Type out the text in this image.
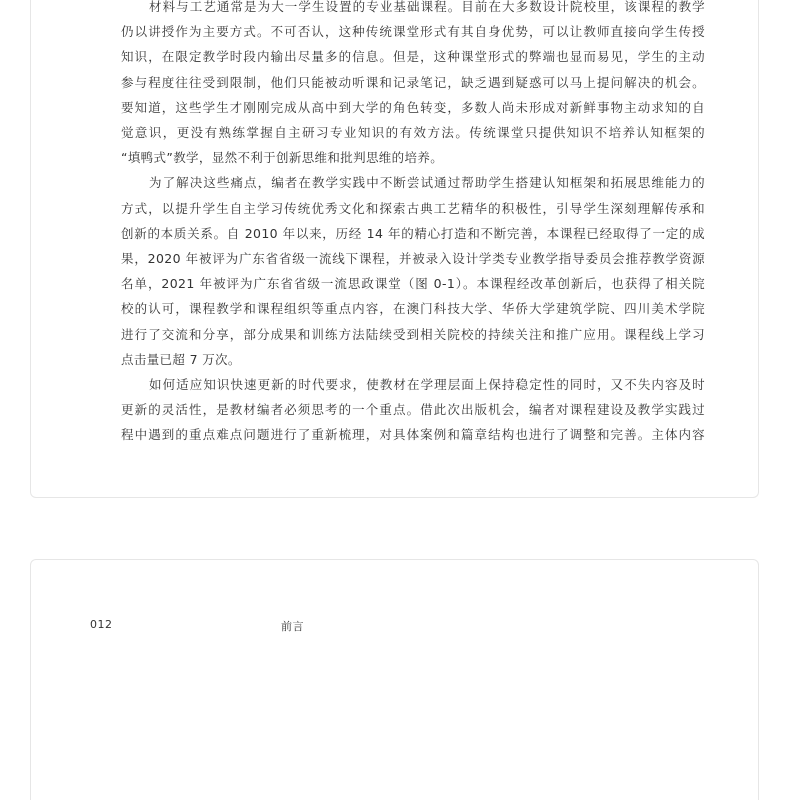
材料与工艺通常是为大一学生设置的专业基础课程。目前在大多数设计院校里，该课程的教学

仍以讲授作为主要方式。不可否认，这种传统课堂形式有其自身优势，可以让教师直接向学生传授

知识，在限定教学时段内输出尽量多的信息。但是，这种课堂形式的弊端也显而易见，学生的主动

参与程度往往受到限制，他们只能被动听课和记录笔记，缺乏遇到疑惑可以马上提问解决的机会。

要知道，这些学生才刚刚完成从高中到大学的角色转变，多数人尚未形成对新鲜事物主动求知的自

觉意识，更没有熟练掌握自主研习专业知识的有效方法。传统课堂只提供知识不培养认知框架的

“填鸭式”教学，显然不利于创新思维和批判思维的培养。

为了解决这些痛点，编者在教学实践中不断尝试通过帮助学生搭建认知框架和拓展思维能力的

方式，以提升学生自主学习传统优秀文化和探索古典工艺精华的积极性，引导学生深刻理解传承和

创新的本质关系。自 2010 年以来，历经 14 年的精心打造和不断完善，本课程已经取得了一定的成

果，2020 年被评为广东省省级一流线下课程，并被录入设计学类专业教学指导委员会推荐教学资源

名单，2021 年被评为广东省省级一流思政课堂（图 0-1）。本课程经改革创新后，也获得了相关院

校的认可，课程教学和课程组织等重点内容，在澳门科技大学、华侨大学建筑学院、四川美术学院

进行了交流和分享，部分成果和训练方法陆续受到相关院校的持续关注和推广应用。课程线上学习

点击量已超 7 万次。

如何适应知识快速更新的时代要求，使教材在学理层面上保持稳定性的同时，又不失内容及时

更新的灵活性，是教材编者必须思考的一个重点。借此次出版机会，编者对课程建设及教学实践过

程中遇到的重点难点问题进行了重新梳理，对具体案例和篇章结构也进行了调整和完善。主体内容

012	前言
